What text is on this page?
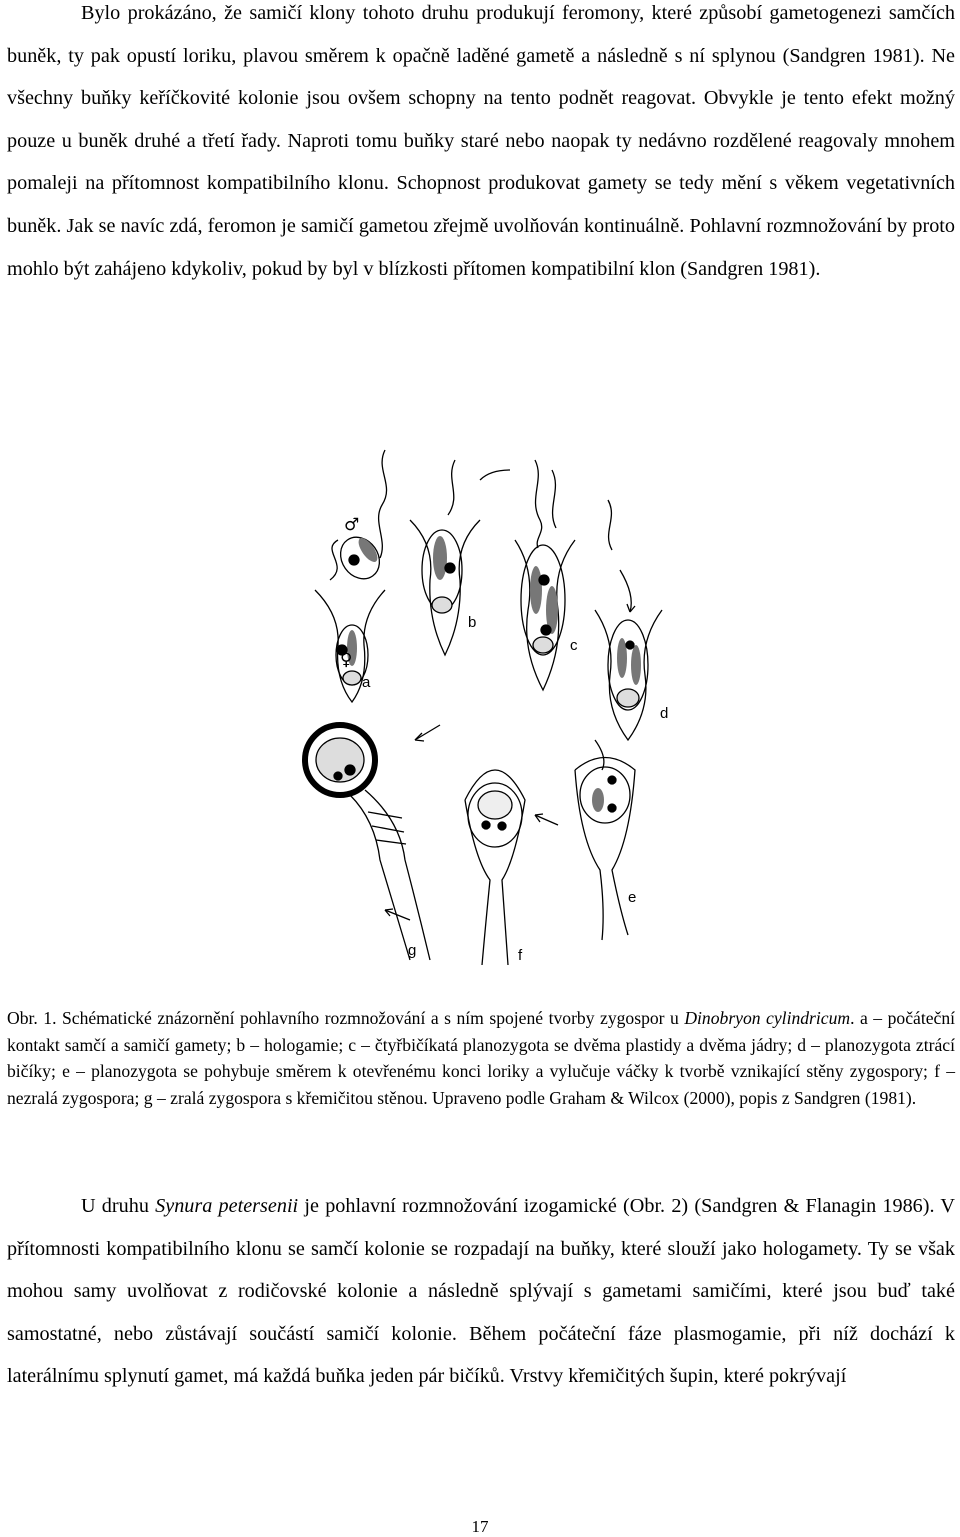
Bylo prokázáno, že samičí klony tohoto druhu produkují feromony, které způsobí gametogenezi samčích buněk, ty pak opustí loriku, plavou směrem k opačně laděné gametě a následně s ní splynou (Sandgren 1981). Ne všechny buňky keříčkovité kolonie jsou ovšem schopny na tento podnět reagovat. Obvykle je tento efekt možný pouze u buněk druhé a třetí řady. Naproti tomu buňky staré nebo naopak ty nedávno rozdělené reagovaly mnohem pomaleji na přítomnost kompatibilního klonu. Schopnost produkovat gamety se tedy mění s věkem vegetativních buněk. Jak se navíc zdá, feromon je samičí gametou zřejmě uvolňován kontinuálně. Pohlavní rozmnožování by proto mohlo být zahájeno kdykoliv, pokud by byl v blízkosti přítomen kompatibilní klon (Sandgren 1981).

♂
♀
a
b
c
d
e
f
g

Obr. 1. Schématické znázornění pohlavního rozmnožování a s ním spojené tvorby zygospor u Dinobryon cylindricum. a – počáteční kontakt samčí a samičí gamety; b – hologamie; c – čtyřbičíkatá planozygota se dvěma plastidy a dvěma jádry; d – planozygota ztrácí bičíky; e – planozygota se pohybuje směrem k otevřenému konci loriky a vylučuje váčky k tvorbě vznikající stěny zygospory; f – nezralá zygospora; g – zralá zygospora s křemičitou stěnou. Upraveno podle Graham & Wilcox (2000), popis z Sandgren (1981).

U druhu Synura petersenii je pohlavní rozmnožování izogamické (Obr. 2) (Sandgren & Flanagin 1986). V přítomnosti kompatibilního klonu se samčí kolonie se rozpadají na buňky, které slouží jako hologamety. Ty se však mohou samy uvolňovat z rodičovské kolonie a následně splývají s gametami samičími, které jsou buď také samostatné, nebo zůstávají součástí samičí kolonie. Během počáteční fáze plasmogamie, při níž dochází k laterálnímu splynutí gamet, má každá buňka jeden pár bičíků. Vrstvy křemičitých šupin, které pokrývají

17
